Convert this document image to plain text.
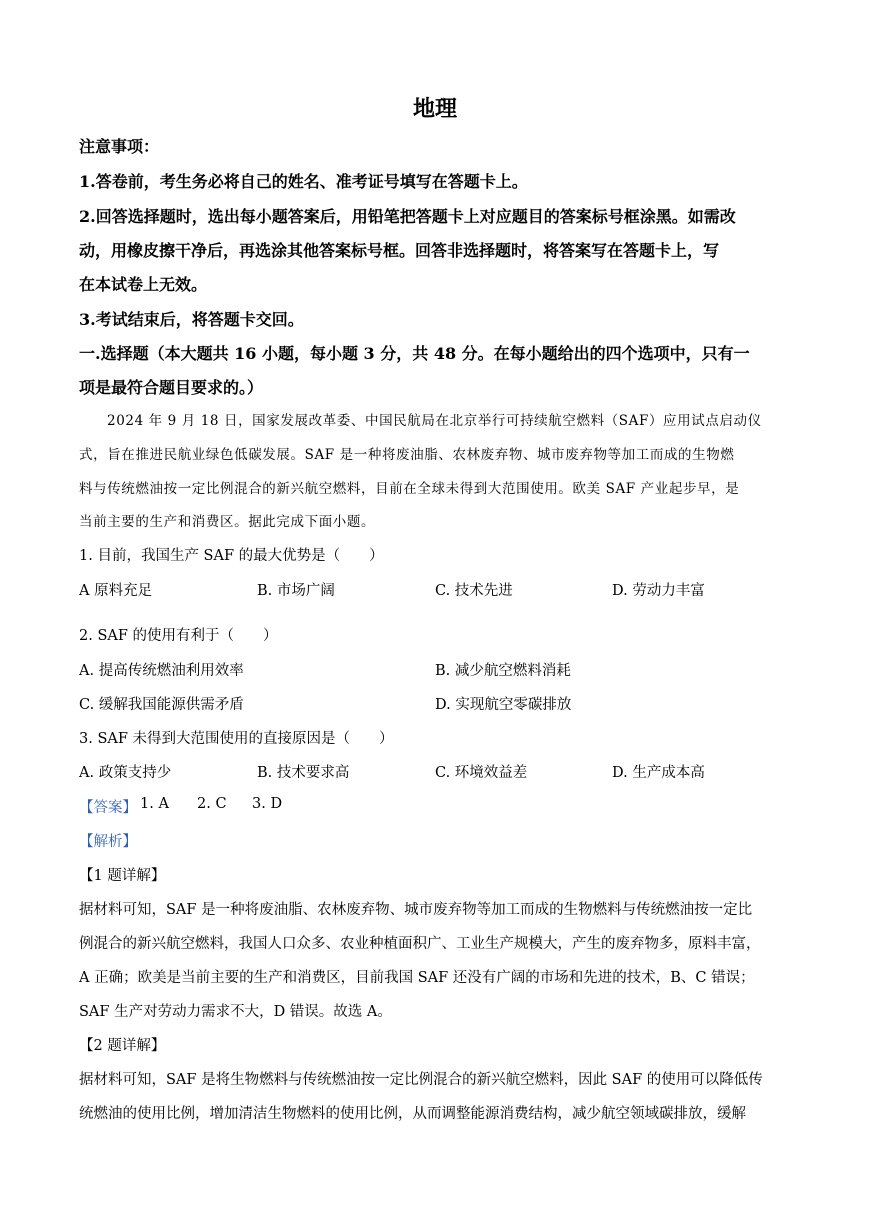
地理
注意事项：
1.答卷前，考生务必将自己的姓名、准考证号填写在答题卡上。
2.回答选择题时，选出每小题答案后，用铅笔把答题卡上对应题目的答案标号框涂黑。如需改
动，用橡皮擦干净后，再选涂其他答案标号框。回答非选择题时，将答案写在答题卡上，写
在本试卷上无效。
3.考试结束后，将答题卡交回。
一.选择题（本大题共 16 小题，每小题 3 分，共 48 分。在每小题给出的四个选项中，只有一
项是最符合题目要求的。）
2024 年 9 月 18 日，国家发展改革委、中国民航局在北京举行可持续航空燃料（SAF）应用试点启动仪
式，旨在推进民航业绿色低碳发展。SAF 是一种将废油脂、农林废弃物、城市废弃物等加工而成的生物燃
料与传统燃油按一定比例混合的新兴航空燃料，目前在全球未得到大范围使用。欧美 SAF 产业起步早，是
当前主要的生产和消费区。据此完成下面小题。
1. 目前，我国生产 SAF 的最大优势是（　　）
A 原料充足	B. 市场广阔	C. 技术先进	D. 劳动力丰富
2. SAF 的使用有利于（　　）
A. 提高传统燃油利用效率	B. 减少航空燃料消耗
C. 缓解我国能源供需矛盾	D. 实现航空零碳排放
3. SAF 未得到大范围使用的直接原因是（　　）
A. 政策支持少	B. 技术要求高	C. 环境效益差	D. 生产成本高
【答案】 1. A 2. C 3. D
【解析】
【1 题详解】
据材料可知，SAF 是一种将废油脂、农林废弃物、城市废弃物等加工而成的生物燃料与传统燃油按一定比
例混合的新兴航空燃料，我国人口众多、农业种植面积广、工业生产规模大，产生的废弃物多，原料丰富，
A 正确；欧美是当前主要的生产和消费区，目前我国 SAF 还没有广阔的市场和先进的技术，B、C 错误；
SAF 生产对劳动力需求不大，D 错误。故选 A。
【2 题详解】
据材料可知，SAF 是将生物燃料与传统燃油按一定比例混合的新兴航空燃料，因此 SAF 的使用可以降低传
统燃油的使用比例，增加清洁生物燃料的使用比例，从而调整能源消费结构，减少航空领域碳排放，缓解
